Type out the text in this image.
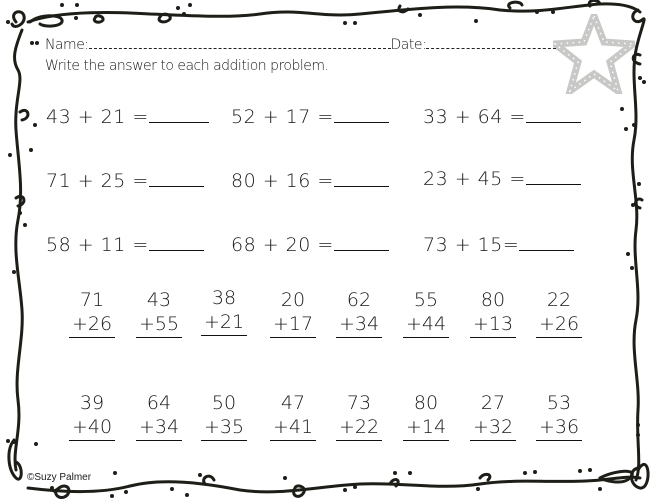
Name:	Date:
Write the answer to each addition problem.
43 + 21 =	52 + 17 =	33 + 64 =
71 + 25 =	80 + 16 =	23 + 45 =
58 + 11 =	68 + 20 =	73 + 15=
71
+26
43
+55
38
+21
20
+17
62
+34
55
+44
80
+13
22
+26
39
+40
64
+34
50
+35
47
+41
73
+22
80
+14
27
+32
53
+36
©Suzy Palmer
